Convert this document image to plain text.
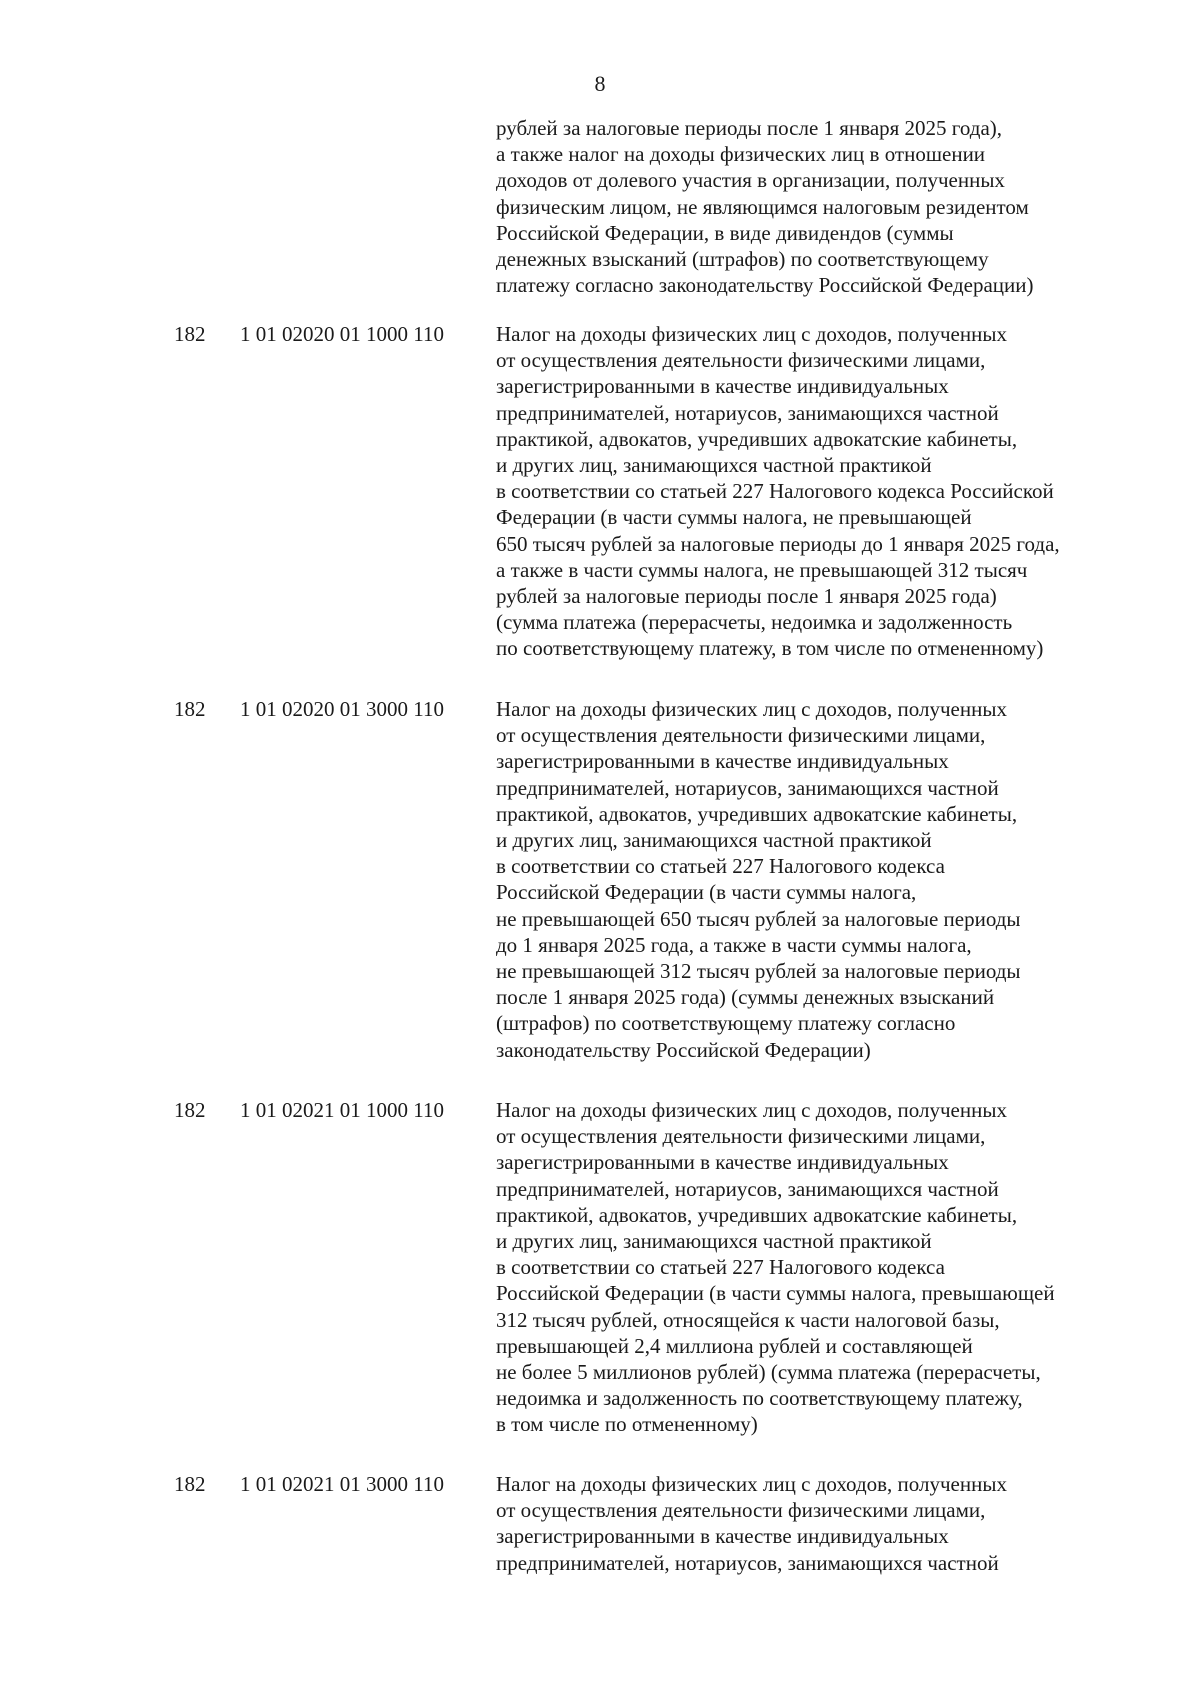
8
рублей за налоговые периоды после 1 января 2025 года),
а также налог на доходы физических лиц в отношении
доходов от долевого участия в организации, полученных
физическим лицом, не являющимся налоговым резидентом
Российской Федерации, в виде дивидендов (суммы
денежных взысканий (штрафов) по соответствующему
платежу согласно законодательству Российской Федерации)
182 1 01 02020 01 1000 110 Налог на доходы физических лиц с доходов, полученных
от осуществления деятельности физическими лицами,
зарегистрированными в качестве индивидуальных
предпринимателей, нотариусов, занимающихся частной
практикой, адвокатов, учредивших адвокатские кабинеты,
и других лиц, занимающихся частной практикой
в соответствии со статьей 227 Налогового кодекса Российской
Федерации (в части суммы налога, не превышающей
650 тысяч рублей за налоговые периоды до 1 января 2025 года,
а также в части суммы налога, не превышающей 312 тысяч
рублей за налоговые периоды после 1 января 2025 года)
(сумма платежа (перерасчеты, недоимка и задолженность
по соответствующему платежу, в том числе по отмененному)
182 1 01 02020 01 3000 110 Налог на доходы физических лиц с доходов, полученных
от осуществления деятельности физическими лицами,
зарегистрированными в качестве индивидуальных
предпринимателей, нотариусов, занимающихся частной
практикой, адвокатов, учредивших адвокатские кабинеты,
и других лиц, занимающихся частной практикой
в соответствии со статьей 227 Налогового кодекса
Российской Федерации (в части суммы налога,
не превышающей 650 тысяч рублей за налоговые периоды
до 1 января 2025 года, а также в части суммы налога,
не превышающей 312 тысяч рублей за налоговые периоды
после 1 января 2025 года) (суммы денежных взысканий
(штрафов) по соответствующему платежу согласно
законодательству Российской Федерации)
182 1 01 02021 01 1000 110 Налог на доходы физических лиц с доходов, полученных
от осуществления деятельности физическими лицами,
зарегистрированными в качестве индивидуальных
предпринимателей, нотариусов, занимающихся частной
практикой, адвокатов, учредивших адвокатские кабинеты,
и других лиц, занимающихся частной практикой
в соответствии со статьей 227 Налогового кодекса
Российской Федерации (в части суммы налога, превышающей
312 тысяч рублей, относящейся к части налоговой базы,
превышающей 2,4 миллиона рублей и составляющей
не более 5 миллионов рублей) (сумма платежа (перерасчеты,
недоимка и задолженность по соответствующему платежу,
в том числе по отмененному)
182 1 01 02021 01 3000 110 Налог на доходы физических лиц с доходов, полученных
от осуществления деятельности физическими лицами,
зарегистрированными в качестве индивидуальных
предпринимателей, нотариусов, занимающихся частной
